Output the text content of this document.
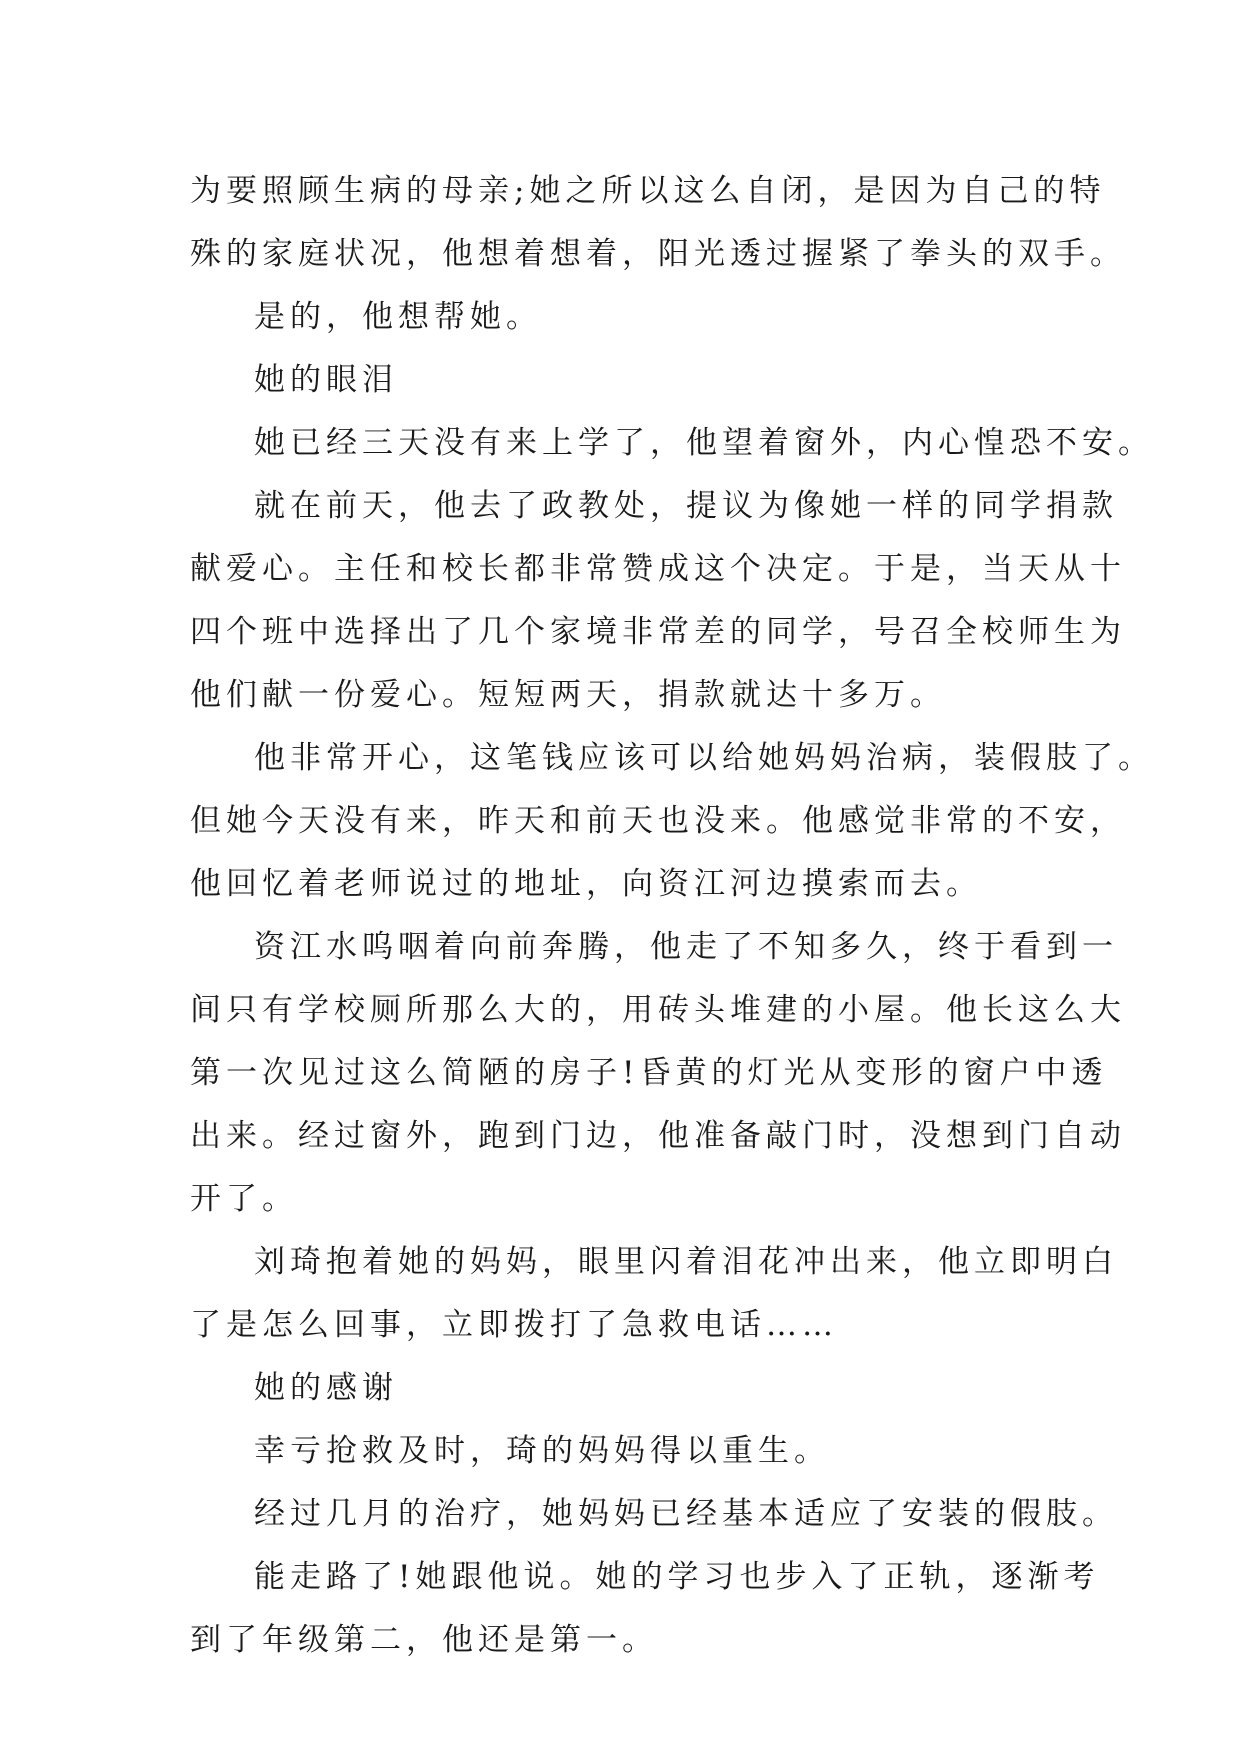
为要照顾生病的母亲;她之所以这么自闭，是因为自己的特
殊的家庭状况，他想着想着，阳光透过握紧了拳头的双手。
是的，他想帮她。
她的眼泪
她已经三天没有来上学了，他望着窗外，内心惶恐不安。
就在前天，他去了政教处，提议为像她一样的同学捐款
献爱心。主任和校长都非常赞成这个决定。于是，当天从十
四个班中选择出了几个家境非常差的同学，号召全校师生为
他们献一份爱心。短短两天，捐款就达十多万。
他非常开心，这笔钱应该可以给她妈妈治病，装假肢了。
但她今天没有来，昨天和前天也没来。他感觉非常的不安，
他回忆着老师说过的地址，向资江河边摸索而去。
资江水呜咽着向前奔腾，他走了不知多久，终于看到一
间只有学校厕所那么大的，用砖头堆建的小屋。他长这么大
第一次见过这么简陋的房子!昏黄的灯光从变形的窗户中透
出来。经过窗外，跑到门边，他准备敲门时，没想到门自动
开了。
刘琦抱着她的妈妈，眼里闪着泪花冲出来，他立即明白
了是怎么回事，立即拨打了急救电话……
她的感谢
幸亏抢救及时，琦的妈妈得以重生。
经过几月的治疗，她妈妈已经基本适应了安装的假肢。
能走路了!她跟他说。她的学习也步入了正轨，逐渐考
到了年级第二，他还是第一。
